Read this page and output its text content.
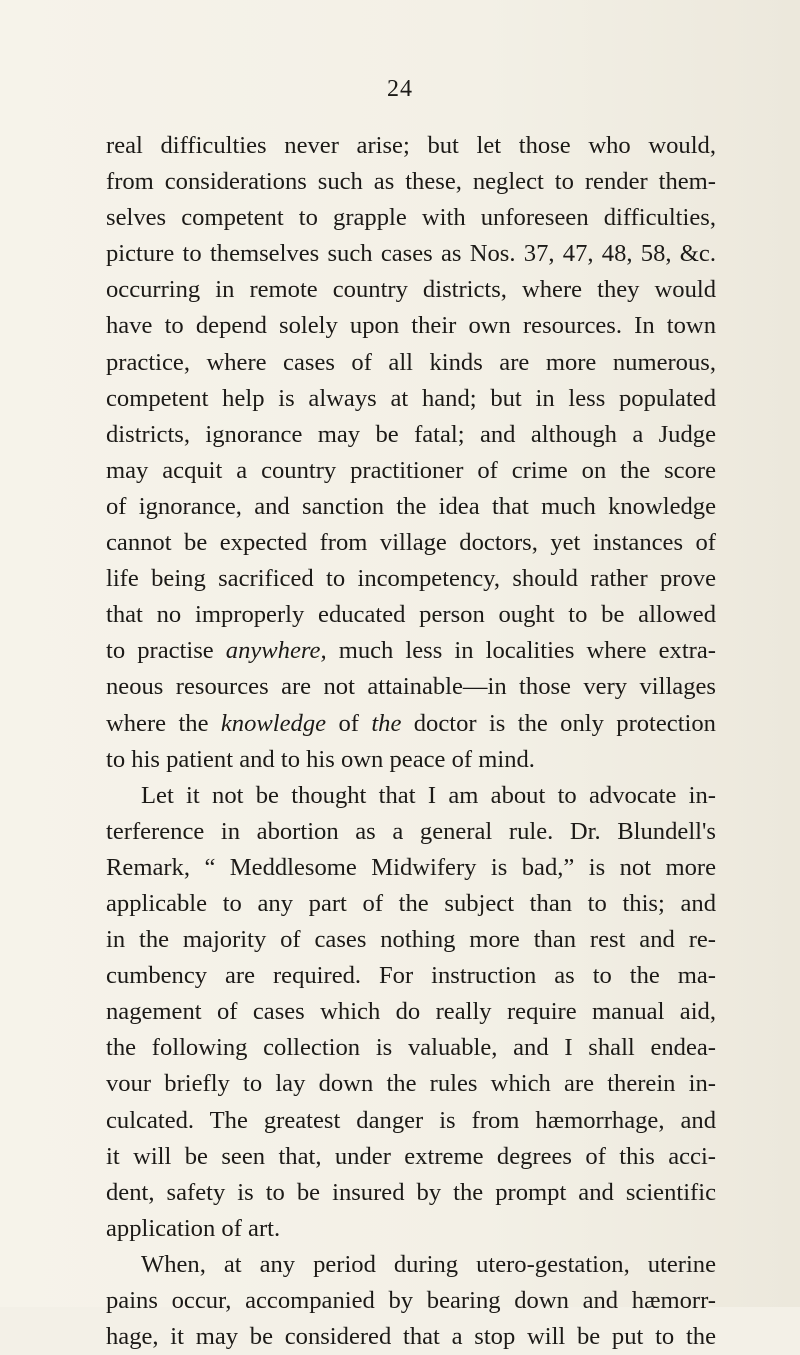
24
real difficulties never arise; but let those who would,
from considerations such as these, neglect to render them-
selves competent to grapple with unforeseen difficulties,
picture to themselves such cases as Nos. 37, 47, 48, 58, &c.
occurring in remote country districts, where they would
have to depend solely upon their own resources. In town
practice, where cases of all kinds are more numerous,
competent help is always at hand; but in less populated
districts, ignorance may be fatal; and although a Judge
may acquit a country practitioner of crime on the score
of ignorance, and sanction the idea that much knowledge
cannot be expected from village doctors, yet instances of
life being sacrificed to incompetency, should rather prove
that no improperly educated person ought to be allowed
to practise anywhere, much less in localities where extra-
neous resources are not attainable—in those very villages
where the knowledge of the doctor is the only protection
to his patient and to his own peace of mind.
Let it not be thought that I am about to advocate in-
terference in abortion as a general rule. Dr. Blundell's
Remark, “ Meddlesome Midwifery is bad,” is not more
applicable to any part of the subject than to this; and
in the majority of cases nothing more than rest and re-
cumbency are required. For instruction as to the ma-
nagement of cases which do really require manual aid,
the following collection is valuable, and I shall endea-
vour briefly to lay down the rules which are therein in-
culcated. The greatest danger is from hæmorrhage, and
it will be seen that, under extreme degrees of this acci-
dent, safety is to be insured by the prompt and scientific
application of art.
When, at any period during utero-gestation, uterine
pains occur, accompanied by bearing down and hæmorr-
hage, it may be considered that a stop will be put to the
